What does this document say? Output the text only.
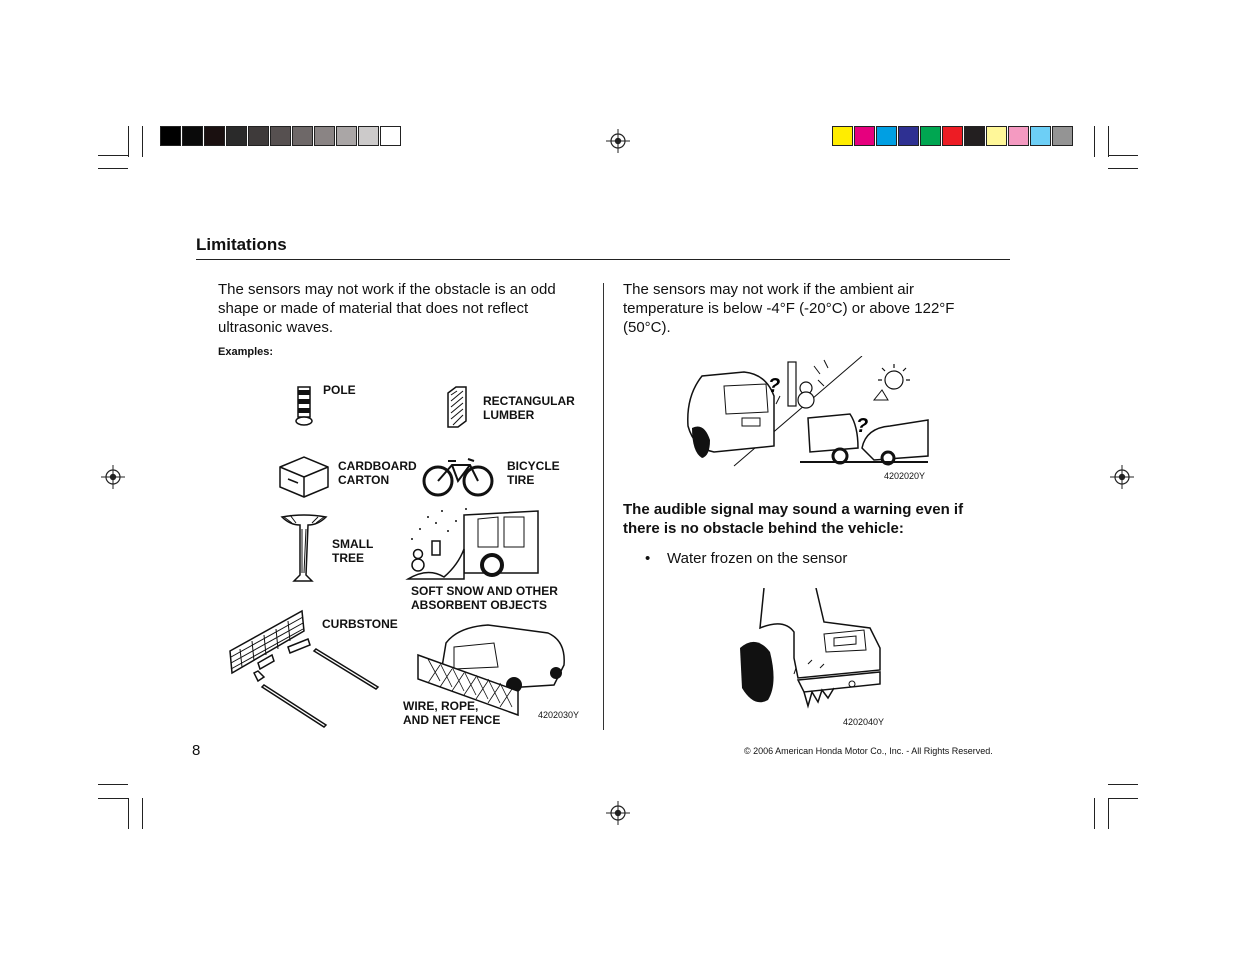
Limitations
The sensors may not work if the obstacle is an odd shape or made of material that does not reflect ultrasonic waves.
Examples:
POLE
RECTANGULAR
LUMBER
CARDBOARD
CARTON
BICYCLE
TIRE
SMALL
TREE
SOFT SNOW AND OTHER
ABSORBENT OBJECTS
CURBSTONE
WIRE, ROPE,
AND NET FENCE	4202030Y
8	© 2006 American Honda Motor Co., Inc. - All Rights Reserved.
The sensors may not work if the ambient air temperature is below -4°F (-20°C) or above 122°F (50°C).
?
?
4202020Y
The audible signal may sound a warning even if there is no obstacle behind the vehicle:
• Water frozen on the sensor
4202040Y
